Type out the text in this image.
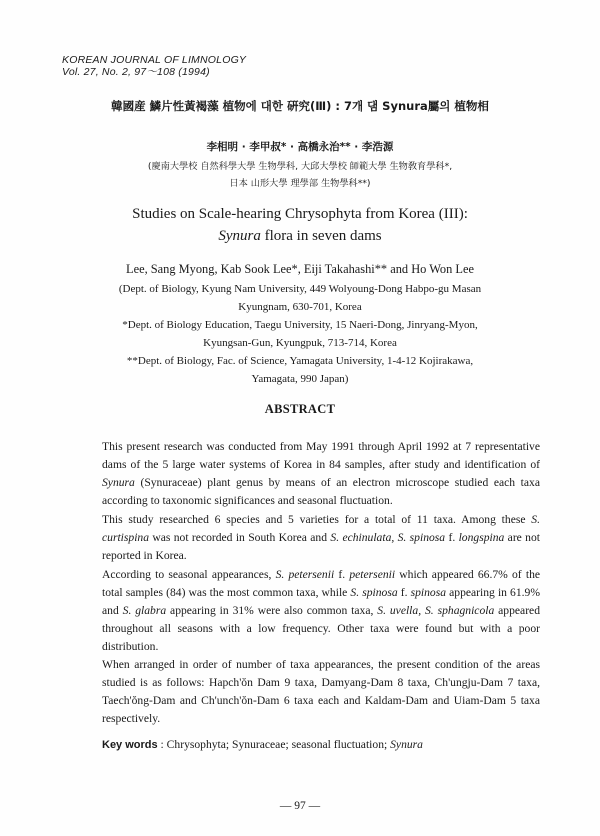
KOREAN JOURNAL OF LIMNOLOGY
Vol. 27, No. 2, 97～108 (1994)
韓國産 鱗片性黃褐藻 植物에 대한 硏究(Ⅲ) : 7개 댐 Synura屬의 植物相
李相明 · 李甲叔* · 高橋永治** · 李浩源
(慶南大學校 自然科學大學 生物學科, 大邱大學校 師範大學 生物敎育學科*,
日本 山形大學 理學部 生物學科**)
Studies on Scale-hearing Chrysophyta from Korea (III):
Synura flora in seven dams
Lee, Sang Myong, Kab Sook Lee*, Eiji Takahashi** and Ho Won Lee
(Dept. of Biology, Kyung Nam University, 449 Wolyoung-Dong Habpo-gu Masan
Kyungnam, 630-701, Korea
*Dept. of Biology Education, Taegu University, 15 Naeri-Dong, Jinryang-Myon,
Kyungsan-Gun, Kyungpuk, 713-714, Korea
**Dept. of Biology, Fac. of Science, Yamagata University, 1-4-12 Kojirakawa,
Yamagata, 990 Japan)
ABSTRACT

This present research was conducted from May 1991 through April 1992 at 7 representative dams of the 5 large water systems of Korea in 84 samples, after study and identification of Synura (Synuraceae) plant genus by means of an electron microscope studied each taxa according to taxonomic significances and seasonal fluctuation.

This study researched 6 species and 5 varieties for a total of 11 taxa. Among these S. curtispina was not recorded in South Korea and S. echinulata, S. spinosa f. longspina are not reported in Korea.

According to seasonal appearances, S. petersenii f. petersenii which appeared 66.7% of the total samples (84) was the most common taxa, while S. spinosa f. spinosa appearing in 61.9% and S. glabra appearing in 31% were also common taxa, S. uvella, S. sphagnicola appeared throughout all seasons with a low frequency. Other taxa were found but with a poor distribution.

When arranged in order of number of taxa appearances, the present condition of the areas studied is as follows: Hapch'ŏn Dam 9 taxa, Damyang-Dam 8 taxa, Ch'ungju-Dam 7 taxa, Taech'ŏng-Dam and Ch'unch'ŏn-Dam 6 taxa each and Kaldam-Dam and Uiam-Dam 5 taxa respectively.

Key words : Chrysophyta; Synuraceae; seasonal fluctuation; Synura
— 97 —
